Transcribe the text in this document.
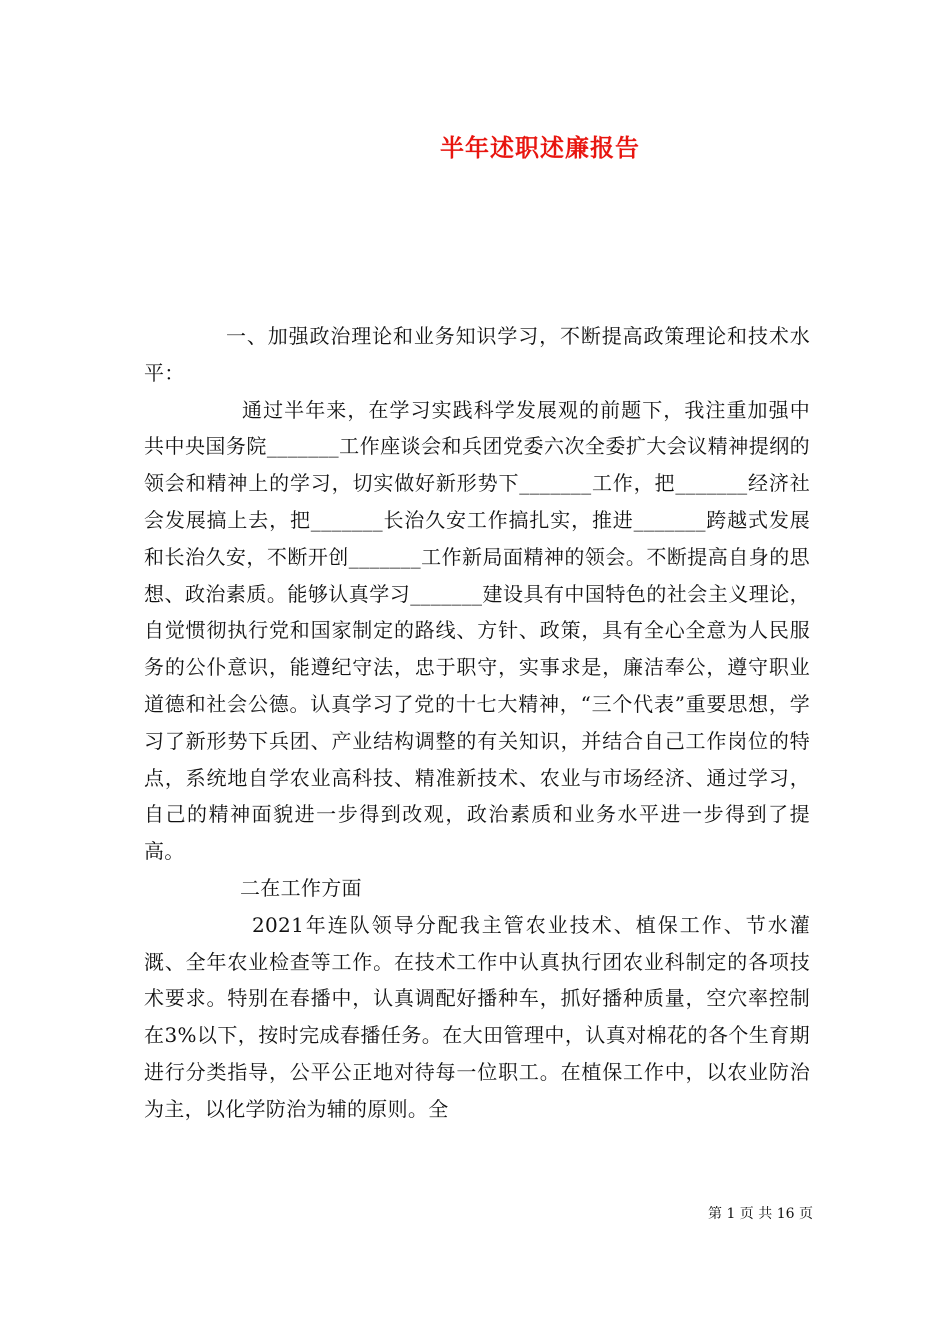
半年述职述廉报告

一、加强政治理论和业务知识学习，不断提高政策理论和技术水平：

通过半年来，在学习实践科学发展观的前题下，我注重加强中共中央国务院_______工作座谈会和兵团党委六次全委扩大会议精神提纲的领会和精神上的学习，切实做好新形势下_______工作，把_______经济社会发展搞上去，把_______长治久安工作搞扎实，推进_______跨越式发展和长治久安，不断开创_______工作新局面精神的领会。不断提高自身的思想、政治素质。能够认真学习_______建设具有中国特色的社会主义理论，自觉惯彻执行党和国家制定的路线、方针、政策，具有全心全意为人民服务的公仆意识，能遵纪守法，忠于职守，实事求是，廉洁奉公，遵守职业道德和社会公德。认真学习了党的十七大精神，“三个代表”重要思想，学习了新形势下兵团、产业结构调整的有关知识，并结合自己工作岗位的特点，系统地自学农业高科技、精准新技术、农业与市场经济、通过学习，自己的精神面貌进一步得到改观，政治素质和业务水平进一步得到了提高。

二在工作方面

2021年连队领导分配我主管农业技术、植保工作、节水灌溉、全年农业检查等工作。在技术工作中认真执行团农业科制定的各项技术要求。特别在春播中，认真调配好播种车，抓好播种质量，空穴率控制在3%以下，按时完成春播任务。在大田管理中，认真对棉花的各个生育期进行分类指导，公平公正地对待每一位职工。在植保工作中，以农业防治为主，以化学防治为辅的原则。全

第 1 页 共 16 页
